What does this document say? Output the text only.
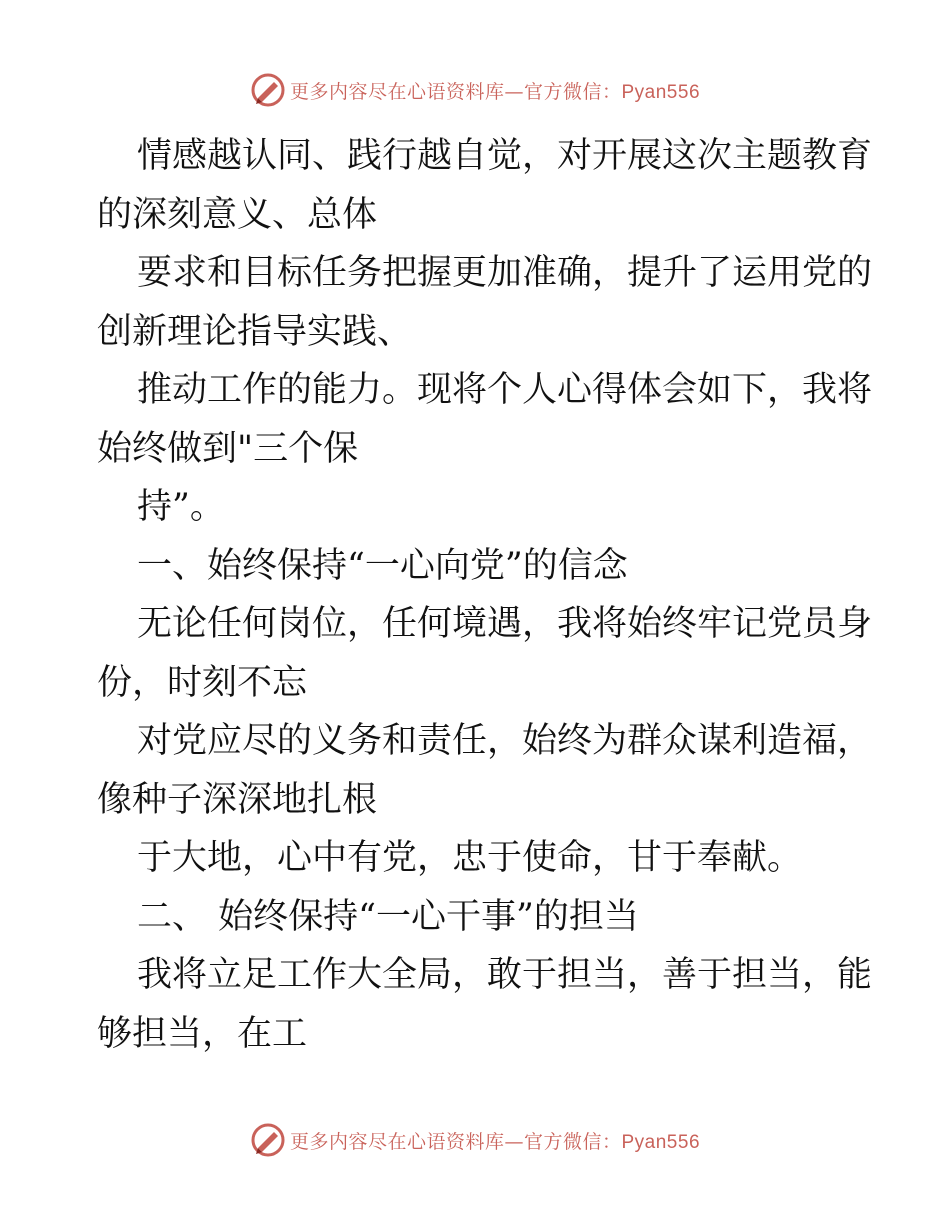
更多内容尽在心语资料库—官方微信：Pyan556
情感越认同、践行越自觉，对开展这次主题教育
的深刻意义、总体
要求和目标任务把握更加准确，提升了运用党的
创新理论指导实践、
推动工作的能力。现将个人心得体会如下，我将
始终做到"三个保
持”。
一、始终保持“一心向党”的信念
无论任何岗位，任何境遇，我将始终牢记党员身
份，时刻不忘
对党应尽的义务和责任，始终为群众谋利造福，
像种子深深地扎根
于大地，心中有党，忠于使命，甘于奉献。
二、 始终保持“一心干事”的担当
我将立足工作大全局，敢于担当，善于担当，能
够担当，在工
更多内容尽在心语资料库—官方微信：Pyan556
